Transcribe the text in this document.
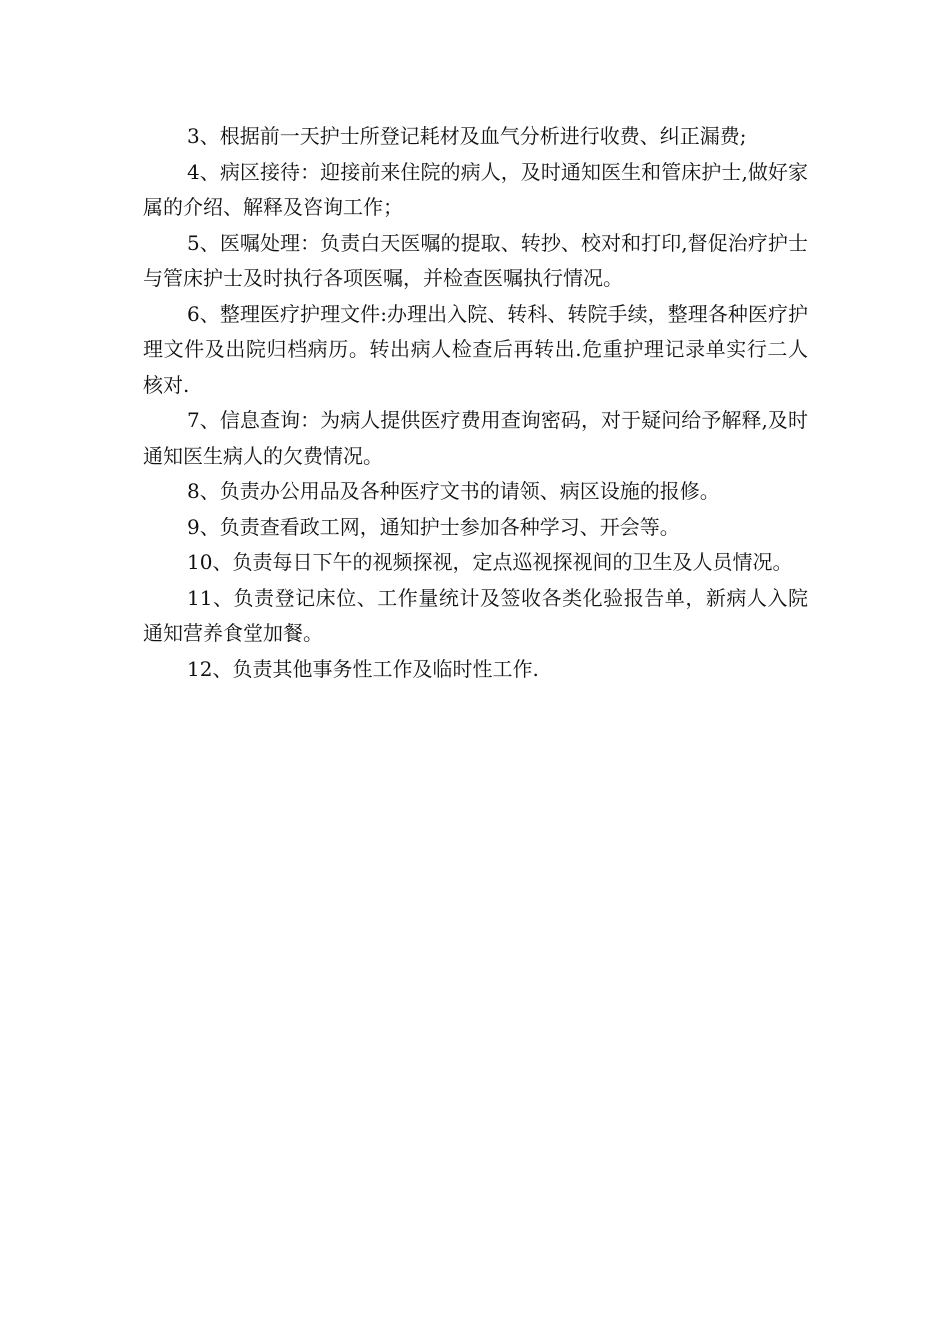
3、根据前一天护士所登记耗材及血气分析进行收费、纠正漏费;

4、病区接待：迎接前来住院的病人，及时通知医生和管床护士,做好家属的介绍、解释及咨询工作；

5、医嘱处理：负责白天医嘱的提取、转抄、校对和打印,督促治疗护士与管床护士及时执行各项医嘱，并检查医嘱执行情况。

6、整理医疗护理文件:办理出入院、转科、转院手续，整理各种医疗护理文件及出院归档病历。转出病人检查后再转出.危重护理记录单实行二人核对.

7、信息查询：为病人提供医疗费用查询密码，对于疑问给予解释,及时通知医生病人的欠费情况。

8、负责办公用品及各种医疗文书的请领、病区设施的报修。

9、负责查看政工网，通知护士参加各种学习、开会等。

10、负责每日下午的视频探视，定点巡视探视间的卫生及人员情况。

11、负责登记床位、工作量统计及签收各类化验报告单，新病人入院通知营养食堂加餐。

12、负责其他事务性工作及临时性工作.
